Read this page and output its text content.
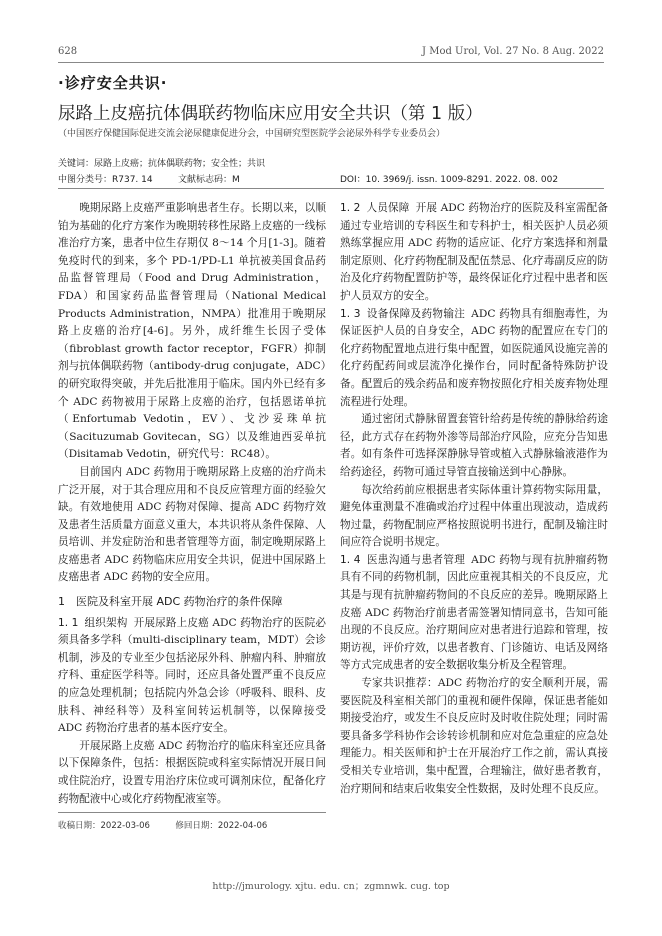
628	J Mod Urol, Vol. 27 No. 8 Aug. 2022
·诊疗安全共识·
尿路上皮癌抗体偶联药物临床应用安全共识（第 1 版）
（中国医疗保健国际促进交流会泌尿健康促进分会，中国研究型医院学会泌尿外科学专业委员会）
关键词：尿路上皮癌；抗体偶联药物；安全性；共识
中图分类号：R737. 14	文献标志码：M	DOI：10. 3969/j. issn. 1009-8291. 2022. 08. 002

晚期尿路上皮癌严重影响患者生存。长期以来，以顺铂为基础的化疗方案作为晚期转移性尿路上皮癌的一线标准治疗方案，患者中位生存期仅 8～14 个月[1-3]。随着免疫时代的到来，多个 PD-1/PD-L1 单抗被美国食品药品监督管理局（Food and Drug Administration，FDA）和国家药品监督管理局（National Medical Products Administration，NMPA）批准用于晚期尿路上皮癌的治疗[4-6]。另外，成纤维生长因子受体（fibroblast growth factor receptor，FGFR）抑制剂与抗体偶联药物（antibody-drug conjugate，ADC）的研究取得突破，并先后批准用于临床。国内外已经有多个 ADC 药物被用于尿路上皮癌的治疗，包括恩诺单抗（Enfortumab Vedotin，EV）、戈沙妥珠单抗（Sacituzumab Govitecan，SG）以及维迪西妥单抗（Disitamab Vedotin，研究代号：RC48）。

目前国内 ADC 药物用于晚期尿路上皮癌的治疗尚未广泛开展，对于其合理应用和不良反应管理方面的经验欠缺。有效地使用 ADC 药物对保障、提高 ADC 药物疗效及患者生活质量方面意义重大，本共识将从条件保障、人员培训、并发症防治和患者管理等方面，制定晚期尿路上皮癌患者 ADC 药物临床应用安全共识，促进中国尿路上皮癌患者 ADC 药物的安全应用。

1　医院及科室开展 ADC 药物治疗的条件保障

1. 1 组织架构 开展尿路上皮癌 ADC 药物治疗的医院必须具备多学科（multi-disciplinary team，MDT）会诊机制，涉及的专业至少包括泌尿外科、肿瘤内科、肿瘤放疗科、重症医学科等。同时，还应具备处置严重不良反应的应急处理机制；包括院内外急会诊（呼吸科、眼科、皮肤科、神经科等）及科室间转运机制等，以保障接受 ADC 药物治疗患者的基本医疗安全。

开展尿路上皮癌 ADC 药物治疗的临床科室还应具备以下保障条件，包括：根据医院或科室实际情况开展日间或住院治疗，设置专用治疗床位或可调剂床位，配备化疗药物配液中心或化疗药物配液室等。

1. 2 人员保障 开展 ADC 药物治疗的医院及科室需配备通过专业培训的专科医生和专科护士，相关医护人员必须熟练掌握应用 ADC 药物的适应证、化疗方案选择和剂量制定原则、化疗药物配制及配伍禁忌、化疗毒副反应的防治及化疗药物配置防护等，最终保证化疗过程中患者和医护人员双方的安全。

1. 3 设备保障及药物输注 ADC 药物具有细胞毒性，为保证医护人员的自身安全，ADC 药物的配置应在专门的化疗药物配置地点进行集中配置，如医院通风设施完善的化疗药配药间或层流净化操作台，同时配备特殊防护设备。配置后的残余药品和废弃物按照化疗相关废弃物处理流程进行处理。

通过密闭式静脉留置套管针给药是传统的静脉给药途径，此方式存在药物外渗等局部治疗风险，应充分告知患者。如有条件可选择深静脉导管或植入式静脉输液港作为给药途径，药物可通过导管直接输送到中心静脉。

每次给药前应根据患者实际体重计算药物实际用量，避免体重测量不准确或治疗过程中体重出现波动，造成药物过量，药物配制应严格按照说明书进行，配制及输注时间应符合说明书规定。

1. 4 医患沟通与患者管理 ADC 药物与现有抗肿瘤药物具有不同的药物机制，因此应重视其相关的不良反应，尤其是与现有抗肿瘤药物间的不良反应的差异。晚期尿路上皮癌 ADC 药物治疗前患者需签署知情同意书，告知可能出现的不良反应。治疗期间应对患者进行追踪和管理，按期访视，评价疗效，以患者教育、门诊随访、电话及网络等方式完成患者的安全数据收集分析及全程管理。

专家共识推荐：ADC 药物治疗的安全顺利开展，需要医院及科室相关部门的重视和硬件保障，保证患者能如期接受治疗，或发生不良反应时及时收住院处理；同时需要具备多学科协作会诊转诊机制和应对危急重症的应急处理能力。相关医师和护士在开展治疗工作之前，需认真接受相关专业培训，集中配置，合理输注，做好患者教育，治疗期间和结束后收集安全性数据，及时处理不良反应。

收稿日期：2022-03-06　　　修回日期：2022-04-06
http://jmurology. xjtu. edu. cn；zgmnwk. cug. top
